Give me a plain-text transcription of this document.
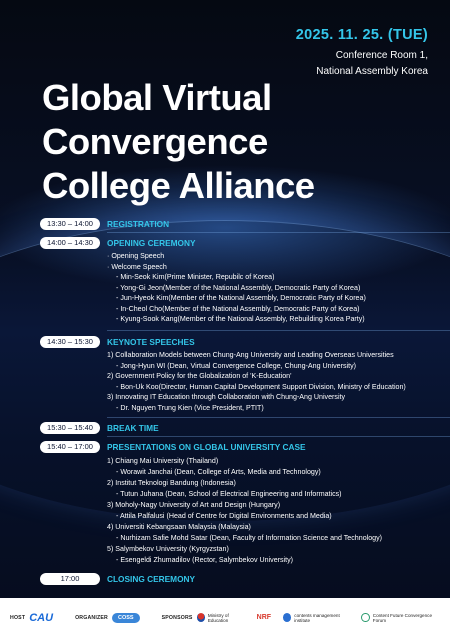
2025. 11. 25. (TUE)
Conference Room 1,
National Assembly Korea
Global Virtual
Convergence
College Alliance
13:30 – 14:00	REGISTRATION
14:00 – 14:30	OPENING CEREMONY
· Opening Speech
· Welcome Speech
- Min-Seok Kim(Prime Minister, Repubilc of Korea)
- Yong-Gi Jeon(Member of the National Assembly, Democratic Party of Korea)
- Jun-Hyeok Kim(Member of the National Assembly, Democratic Party of Korea)
- In-Cheol Cho(Member of the National Assembly, Democratic Party of Korea)
- Kyung-Sook Kang(Member of the National Assembly, Rebuilding Korea Party)
14:30 – 15:30	KEYNOTE SPEECHES
1) Collaboration Models between Chung-Ang University and Leading Overseas Universities
- Jong-Hyun WI (Dean, Virtual Convergence College, Chung-Ang University)
2) Government Policy for the Globalization of 'K-Education'
- Bon-Uk Koo(Director, Human Capital Development Support Division, Ministry of Education)
3) Innovating IT Education through Collaboration with Chung-Ang University
- Dr. Nguyen Trung Kien (Vice President, PTIT)
15:30 – 15:40	BREAK TIME
15:40 – 17:00	PRESENTATIONS ON GLOBAL UNIVERSITY CASE
1) Chiang Mai University (Thailand)
- Worawit Janchai (Dean, College of Arts, Media and Technology)
2) Institut Teknologi Bandung (Indonesia)
- Tutun Juhana (Dean, School of Electrical Engineering and Informatics)
3) Moholy-Nagy University of Art and Design (Hungary)
- Attila Palfalusi (Head of Centre for Digital Environments and Media)
4) Universiti Kebangsaan Malaysia (Malaysia)
- Nurhizam Safie Mohd Satar (Dean, Faculty of Information Science and Technology)
5) Salymbekov University (Kyrgyzstan)
- Esengeldi Zhumadilov (Rector, Salymbekov University)
17:00	CLOSING CEREMONY
HOST CAU	ORGANIZER	COSS	SPONSORS	Ministry of Education	NRF	contents management institute
Content Future Convergence Forum
